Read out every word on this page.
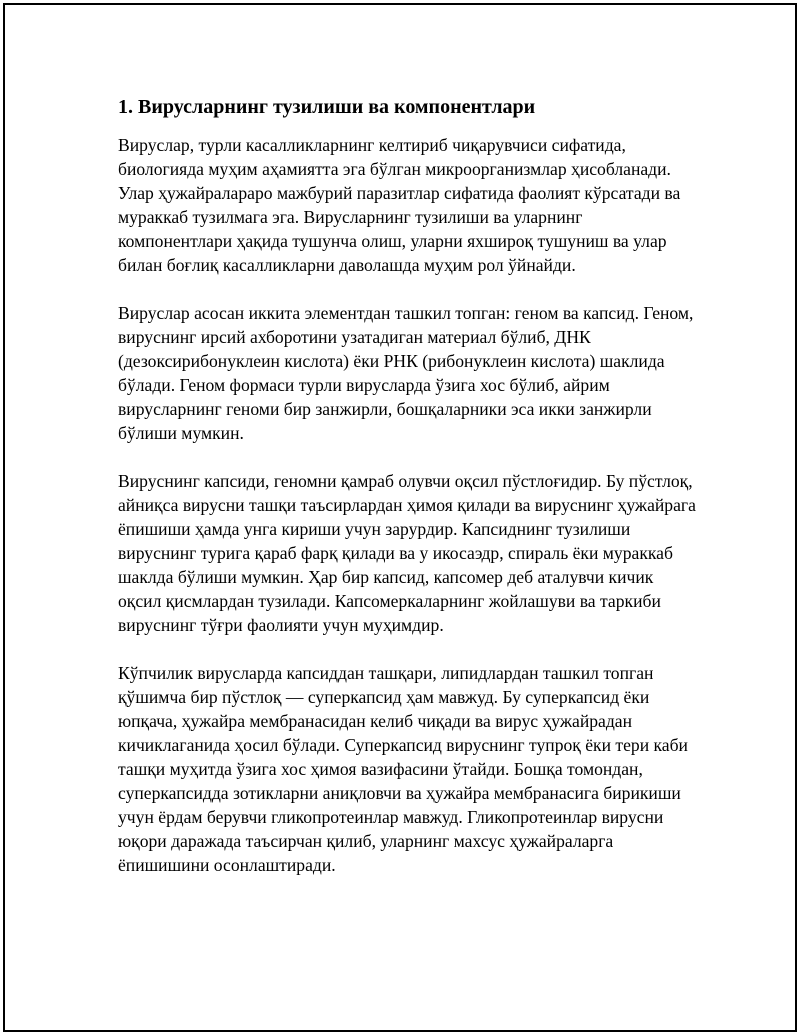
1. Вирусларнинг тузилиши ва компонентлари

Вируслар, турли касалликларнинг келтириб чиқарувчиси сифатида, биологияда муҳим аҳамиятта эга бўлган микроорганизмлар ҳисобланади. Улар ҳужайралараро мажбурий паразитлар сифатида фаолият кўрсатади ва мураккаб тузилмага эга. Вирусларнинг тузилиши ва уларнинг компонентлари ҳақида тушунча олиш, уларни яхшироқ тушуниш ва улар билан боғлиқ касалликларни даволашда муҳим рол ўйнайди.

Вируслар асосан иккита элементдан ташкил топган: геном ва капсид. Геном, вируснинг ирсий ахборотини узатадиган материал бўлиб, ДНК (дезоксирибонуклеин кислота) ёки РНК (рибонуклеин кислота) шаклида бўлади. Геном формаси турли вирусларда ўзига хос бўлиб, айрим вирусларнинг геноми бир занжирли, бошқаларники эса икки занжирли бўлиши мумкин.

Вируснинг капсиди, геномни қамраб олувчи оқсил пўстлоғидир. Бу пўстлоқ, айниқса вирусни ташқи таъсирлардан ҳимоя қилади ва вируснинг ҳужайрага ёпишиши ҳамда унга кириши учун зарурдир. Капсиднинг тузилиши вируснинг турига қараб фарқ қилади ва у икосаэдр, спираль ёки мураккаб шаклда бўлиши мумкин. Ҳар бир капсид, капсомер деб аталувчи кичик оқсил қисмлардан тузилади. Капсомеркаларнинг жойлашуви ва таркиби вируснинг тўғри фаолияти учун муҳимдир.

Кўпчилик вирусларда капсиддан ташқари, липидлардан ташкил топган қўшимча бир пўстлоқ — суперкапсид ҳам мавжуд. Бу суперкапсид ёки юпқача, ҳужайра мембранасидан келиб чиқади ва вирус ҳужайрадан кичиклаганида ҳосил бўлади. Суперкапсид вируснинг тупроқ ёки тери каби ташқи муҳитда ўзига хос ҳимоя вазифасини ўтайди. Бошқа томондан, суперкапсидда зотикларни аниқловчи ва ҳужайра мембранасига бирикиши учун ёрдам берувчи гликопротеинлар мавжуд. Гликопротеинлар вирусни юқори даражада таъсирчан қилиб, уларнинг махсус ҳужайраларга ёпишишини осонлаштиради.
